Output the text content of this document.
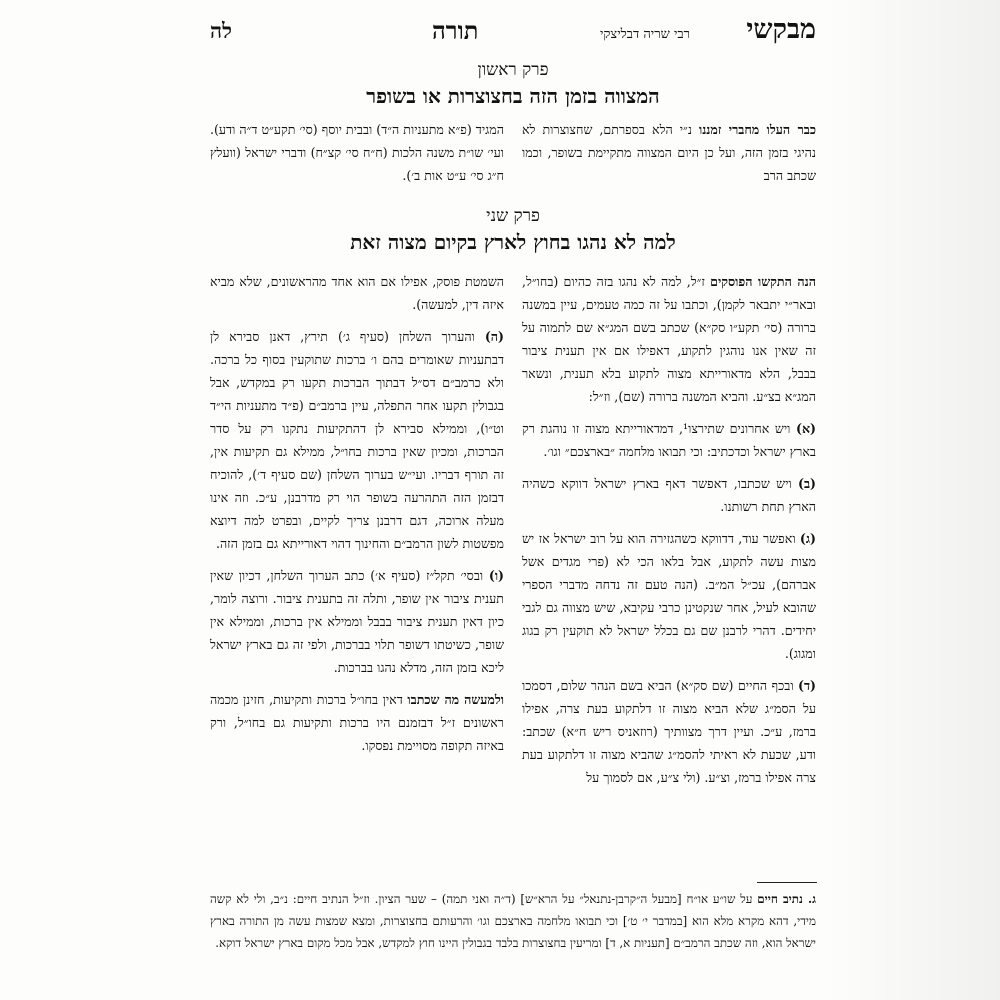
מבקשי
רבי שריה דבליצקי
תורה
לה
פרק ראשון
המצווה בזמן הזה בחצוצרות או בשופר

כבר העלו מחברי זמננו נ״י הלא בספרתם, שחצוצרות לא נהיגי בזמן הזה, ועל כן היום המצווה מתקיימת בשופר, וכמו שכתב הרב

המגיד (פ״א מתעניות ה״ד) ובבית יוסף (סי׳ תקע״ט ד״ה ודע). ועי׳ שו״ת משנה הלכות (ח״ח סי׳ קצ״ח) ודברי ישראל (וועלץ ח״ג סי׳ ע״ט אות ב׳).

פרק שני
למה לא נהגו בחוץ לארץ בקיום מצוה זאת

הנה התקשו הפוסקים ז״ל, למה לא נהגו בזה כהיום (בחו״ל, ובאר״י יתבאר לקמן), וכתבו על זה כמה טעמים, עיין במשנה ברורה (סי׳ תקע״ו סק״א) שכתב בשם המג״א שם לתמוה על זה שאין אנו נוהגין לתקוע, דאפילו אם אין תענית ציבור בבבל, הלא מדאורייתא מצוה לתקוע בלא תענית, ונשאר המג״א בצ״ע. והביא המשנה ברורה (שם), וז״ל:

(א) ויש אחרונים שתירצו¹, דמדאורייתא מצוה זו נוהגת רק בארץ ישראל וכדכתיב: וכי תבואו מלחמה ״בארצכם״ וגו׳.

(ב) ויש שכתבו, דאפשר דאף בארץ ישראל דווקא כשהיה הארץ תחת רשותנו.

(ג) ואפשר עוד, דדווקא כשהגזירה הוא על רוב ישראל אז יש מצות עשה לתקוע, אבל בלאו הכי לא (פרי מגדים אשל אברהם), עכ״ל המ״ב. (הנה טעם זה נדחה מדברי הספרי שהובא לעיל, אחר שנקטינן כרבי עקיבא, שיש מצווה גם לגבי יחידים. דהרי לרבנן שם גם בכלל ישראל לא תוקעין רק בגוג ומגוג).

(ד) ובכף החיים (שם סק״א) הביא בשם הנהר שלום, דסמכו על הסמ״ג שלא הביא מצוה זו דלתקוע בעת צרה, אפילו ברמז, ע״כ. ועיין דרך מצוותיך (רוזאניס ריש ח״א) שכתב: ודע, שכעת לא ראיתי להסמ״ג שהביא מצוה זו דלתקוע בעת צרה אפילו ברמז, וצ״ע. (ולי צ״ע, אם לסמוך על

השמטת פוסק, אפילו אם הוא אחד מהראשונים, שלא מביא איזה דין, למעשה).

(ה) והערוך השלחן (סעיף ג׳) תירץ, דאנן סבירא לן דבתעניות שאומרים בהם ו׳ ברכות שתוקעין בסוף כל ברכה. ולא כרמב״ם דס״ל דבתוך הברכות תקעו רק במקדש, אבל בגבולין תקעו אחר התפלה, עיין ברמב״ם (פ״ד מתעניות הי״ד וט״ו), וממילא סבירא לן דהתקיעות נתקנו רק על סדר הברכות, ומכיון שאין ברכות בחו״ל, ממילא גם תקיעות אין, זה תורף דבריו. ועי״ש בערוך השלחן (שם סעיף ד׳), להוכיח דבזמן הזה התהרעה בשופר הוי רק מדרבנן, ע״כ. וזה אינו מעלה ארוכה, דגם דרבנן צריך לקיים, ובפרט למה דיוצא מפשטות לשון הרמב״ם והחינוך דהוי דאורייתא גם בזמן הזה.

(ו) ובסי׳ תקל״ז (סעיף א׳) כתב הערוך השלחן, דכיון שאין תענית ציבור אין שופר, ותלה זה בתענית ציבור. ורוצה לומר, כיון דאין תענית ציבור בבבל וממילא אין ברכות, וממילא אין שופר, כשיטתו דשופר תלוי בברכות, ולפי זה גם בארץ ישראל ליכא בזמן הזה, מדלא נהגו בברכות.

ולמעשה מה שכתבו דאין בחו״ל ברכות ותקיעות, חזינן מכמה ראשונים ז״ל דבזמנם היו ברכות ותקיעות גם בחו״ל, ורק באיזה תקופה מסויימת נפסקו.

ג. נתיב חיים על שו״ע או״ח [מבעל ה״קרבן-נתנאל״ על הרא״ש] (ד״ה ואני תמה) – שער הציון. וז״ל הנתיב חיים: נ״ב, ולי לא קשה מידי, דהא מקרא מלא הוא [במדבר י׳ ט׳] וכי תבואו מלחמה בארצכם וגו׳ והרעותם בחצוצרות, ומצא שמצות עשה מן התורה בארץ ישראל הוא, וזה שכתב הרמב״ם [תעניות א, ד] ומריעין בחצוצרות בלבד בגבולין היינו חוץ למקדש, אבל מכל מקום בארץ ישראל דוקא.
